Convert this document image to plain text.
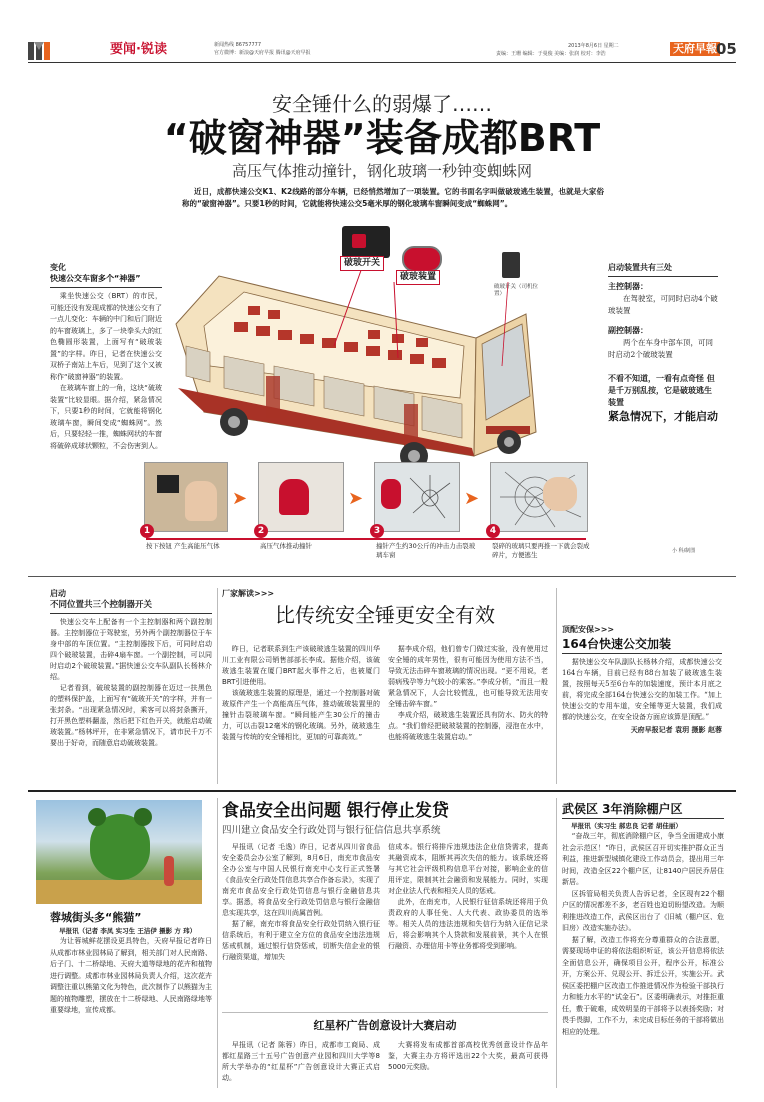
要闻·锐读	新闻热线 86757777
官方微博：新浪@天府早报 腾讯@天府早报
2013年8月6日 星期二
责编：王珊 编辑：于曼俊 美编：张润 校对：李浩	天府早報 05
安全锤什么的弱爆了……
“破窗神器”装备成都BRT
高压气体推动撞针，钢化玻璃一秒钟变蜘蛛网
近日，成都快速公交K1、K2线路的部分车辆，已经悄然增加了一项装置。它的书面名字叫做破玻逃生装置，也就是大家俗称的“破窗神器”。只要1秒的时间，它就能将快速公交5毫米厚的钢化玻璃车窗瞬间变成“蜘蛛网”。
变化
快速公交车窗多个“神器”
乘坐快速公交（BRT）的市民，可能还没有发现成都的快速公交有了一点儿变化：车辆的中门和后门附近的车窗玻璃上，多了一块拳头大的红色椭圆形装置，上面写有“破玻装置”的字样。昨日，记者在快速公交双桥子南站上车后，见到了这个又被称作“破窗神器”的装置。
在玻璃车窗上的一角，这块“破玻装置”比较显眼。据介绍，紧急情况下，只要1秒的时间，它就能将钢化玻璃车窗，瞬间变成“蜘蛛网”。然后，只要轻轻一推，蜘蛛网状的车窗将破碎成球状颗粒，不会伤害到人。
破玻开关
破玻装置
破玻开关（司机位置）
➤	➤	➤
1	2	3	4
按下按钮 产生高能压气体	高压气体推动撞针	撞针产生约30公斤的冲击力击裂玻璃车窗
裂碎的玻璃只要再推一下就会裂成碎片，方便逃生
启动装置共有三处
主控制器：
在驾驶室，可同时启动4个破玻装置
副控制器：
两个在车身中部车顶，可同时启动2个破玻装置
不看不知道，一看有点奇怪 但是千万别乱按，它是破玻逃生装置
紧急情况下，才能启动
小 科/制图
启动
不同位置共三个控制器开关
快速公交车上配备有一个主控制器和两个副控制器。主控制器位于驾驶室，另外两个副控制器位于车身中部的车顶位置。“主控制器按下后，可同时启动四个破玻装置，击碎4扇车窗。一个副控制，可以同时启动2个破玻装置。”据快速公交车队副队长杨林介绍。
记者看到，破玻装置的副控制器在迈过一扶黑色的塑料保护盖，上面写有“破玻开关”的字样，并有一张封条。“出现紧急情况时，乘客可以将封条撕开，打开黑色塑料翻盖，然后把下红色开关，就能启动破玻装置。”杨林坪开，在非紧急情况下，请市民千万不要出于好奇，而随意启动破玻装置。
厂家解读>>>
比传统安全锤更安全有效
昨日，记者联系到生产该破玻逃生装置的四川华川工业有限公司销售部部长李成。据他介绍，该破玻逃生装置在厦门BRT起火事件之后，也被厦门BRT引进使用。
该破玻逃生装置的原理是，通过一个控制器对破玻原件产生一个高能高压气体，推动破玻装置里的撞针击裂玻璃车窗。“瞬间能产生30公斤的撞击力，可以击裂12毫米的钢化玻璃。另外，破玻逃生装置与传统的安全锤相比，更加的可靠高效。”
据李成介绍，他们曾专门做过实验，没有使用过安全锤的成年男性，很有可能因为使用方法不当，导致无法击碎车窗玻璃的情况出现。“更不用说，老弱病残孕等力气较小的乘客。”李成分析，“而且一般紧急情况下，人会比较慌乱，也可能导致无法用安全锤击碎车窗。”
李成介绍，破玻逃生装置还具有防水、防火的特点。“我们曾经把破玻装置的控制器，浸泡在水中，也能将破玻逃生装置启动。”
顶配安保>>>
164台快速公交加装
据快速公交车队副队长杨林介绍，成都快速公交164台车辆，目前已经有88台加装了破玻逃生装置，按照每天5至6台车的加装速度，预计本月底之前，将完成全部164台快速公交的加装工作。“加上快速公交的专用车道，安全锤等更大装置，我们成都的快速公交，在安全设备方面应该算是顶配。”
天府早报记者 袁玥 摄影 赵蓉
蓉城街头多“熊猫”
早报讯（记者 李凤 实习生 王洁伊 摄影 方 玮）
为让蓉城鲜花摆设更具特色，天府早报记者昨日从成都市林业园林局了解到，相关部门对人民南路、后子门、十二桥绿地、天府大道等绿地的花卉和植物进行调整。成都市林业园林局负责人介绍，这次花卉调整注重以熊猫文化为特色，此次制作了以熊猫为主题的植物雕塑，摆放在十二桥绿地、人民南路绿地等重要绿地，宣传成都。
食品安全出问题 银行停止发贷
四川建立食品安全行政处罚与银行征信信息共享系统
早报讯（记者 毛逸）昨日，记者从四川省食品安全委员会办公室了解到，8月6日，南充市食品安全办公室与中国人民银行南充中心支行正式签署《食品安全行政处罚信息共享合作备忘录》，实现了南充市食品安全行政处罚信息与银行金融信息共享。据悉，将食品安全行政处罚信息与银行金融信息实现共享，这在四川尚属首例。
据了解，南充市将食品安全行政处罚纳入银行征信系统后，有利于建立全方位的食品安全违法违规惩戒机制，通过银行信贷惩戒，切断失信企业的银行融资渠道，增加失
信成本。银行将排斥违规违法企业信贷需求，提高其融资成本，阻断其再次失信的能力。该系统还将与其它社会评级机构信息平台对接，影响企业的信用评定，限制其社会融资和发展能力。同时，实现对企业法人代表和相关人员的惩戒。
此外，在南充市，人民银行征信系统还将用于负责政府的人事任免、人大代表、政协委员的选举等。相关人员的违法违规和失信行为纳入征信记录后，将会影响其个人贷款和发展前景，其个人在银行融资、办理信用卡等业务都将受到影响。
红星杯广告创意设计大赛启动
早报讯（记者 陈蓉）昨日，成都市工商局、成都红星路三十五号广告创意产业园和四川大学等8所大学举办的“红星杯”广告创意设计大赛正式启动。
大赛将发布成都首部高校优秀创意设计作品年鉴，大赛主办方将评选出22个大奖，最高可获得5000元奖励。
武侯区 3年消除棚户区
早报讯（实习生 郝忠良 记者 胡佳丽）
“奋战三年，彻底消除棚户区，争当全面建成小康社会示范区！”昨日，武侯区召开切实推护群众正当利益，推进新型城镇化建设工作动员会，提出用三年时间，改造全区22个棚户区，让8140户居民乔居住新居。
区拆管局相关负责人告诉记者，全区现有22个棚户区的情况都差不多，老百姓也迫切盼望改造。为顺利推进改造工作，武侯区出台了《旧城（棚户区、危旧房）改造实施办法》。
据了解，改造工作将充分尊重群众的合法意愿，需要现场申证的将依法组织听证，该公开信息将依法全面信息公开，确保项目公开，程序公开，标准公开，方案公开、兑现公开、拆迁公开，实施公开。武侯区委把棚户区改造工作推进情况作为检验干部执行力和能力水平的“试金石”。区委明确表示，对推拒重任，敷于破难，成效明显的干部将予以表扬奖励；对畏手畏脚，工作不力，未完成目标任务的干部将做出相应的处理。
